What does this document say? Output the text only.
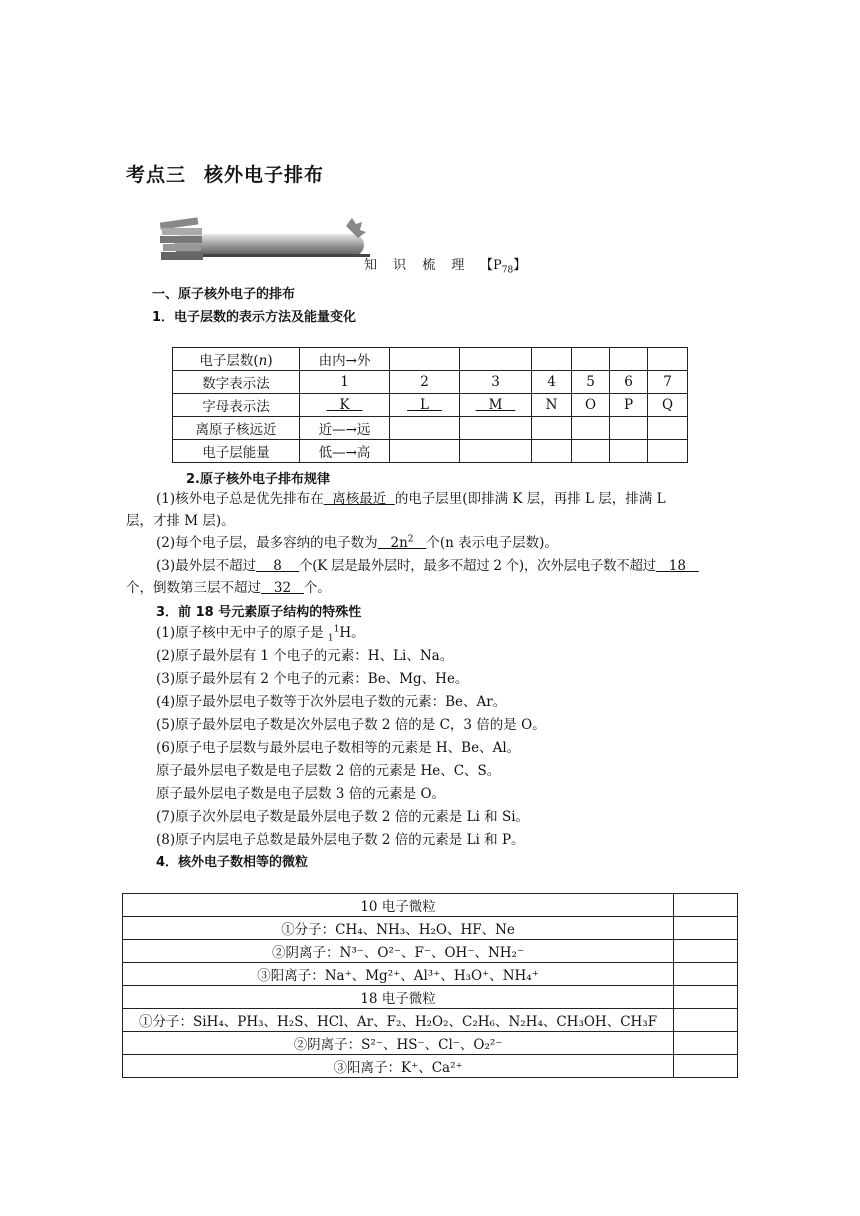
考点三 核外电子排布
知 识 梳 理 【$P_{78}$】
一、原子核外电子的排布
1．电子层数的表示方法及能量变化
电子层数(n)	由内→外						
数字表示法	1	2	3	4	5	6	7
字母表示法	K	L	M	N	O	P	Q
离原子核远近	近—→远						
电子层能量	低—→高						
2.原子核外电子排布规律
(1)核外电子总是优先排布在 离核最近 的电子层里(即排满 K 层，再排 L 层，排满 L
层，才排 M 层)。
(2)每个电子层，最多容纳的电子数为 $2n^2$ 个(n 表示电子层数)。
(3)最外层不超过 8 个(K 层是最外层时，最多不超过 2 个)，次外层电子数不超过 18
个，倒数第三层不超过 32 个。
3．前 18 号元素原子结构的特殊性
(1)原子核中无中子的原子是 $_1^1$H。
(2)原子最外层有 1 个电子的元素：H、Li、Na。
(3)原子最外层有 2 个电子的元素：Be、Mg、He。
(4)原子最外层电子数等于次外层电子数的元素：Be、Ar。
(5)原子最外层电子数是次外层电子数 2 倍的是 C，3 倍的是 O。
(6)原子电子层数与最外层电子数相等的元素是 H、Be、Al。
原子最外层电子数是电子层数 2 倍的元素是 He、C、S。
原子最外层电子数是电子层数 3 倍的元素是 O。
(7)原子次外层电子数是最外层电子数 2 倍的元素是 Li 和 Si。
(8)原子内层电子总数是最外层电子数 2 倍的元素是 Li 和 P。
4．核外电子数相等的微粒
10 电子微粒	
①分子：CH₄、NH₃、H₂O、HF、Ne	
②阴离子：N³⁻、O²⁻、F⁻、OH⁻、NH₂⁻	
③阳离子：Na⁺、Mg²⁺、Al³⁺、H₃O⁺、NH₄⁺	
18 电子微粒	
①分子：SiH₄、PH₃、H₂S、HCl、Ar、F₂、H₂O₂、C₂H₆、N₂H₄、CH₃OH、CH₃F	
②阴离子：S²⁻、HS⁻、Cl⁻、O₂²⁻	
③阳离子：K⁺、Ca²⁺	
